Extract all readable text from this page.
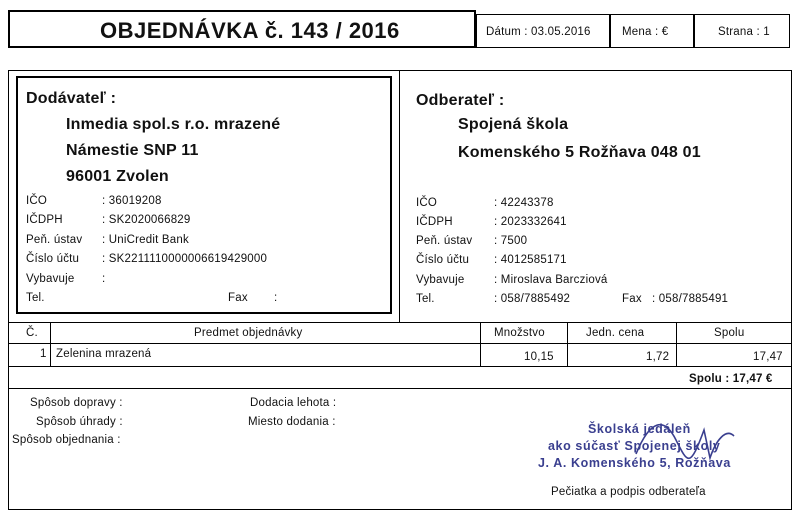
OBJEDNÁVKA č. 143 / 2016	Dátum : 03.05.2016	Mena : €	Strana : 1
Dodávateľ :
Inmedia spol.s r.o. mrazené
Námestie SNP 11
96001 Zvolen
IČO	: 36019208
IČDPH	: SK2020066829
Peň. ústav : UniCredit Bank
Číslo účtu : SK2211110000006619429000
Vybavuje :
Tel.	Fax :
Odberateľ :
Spojená škola
Komenského 5 Rožňava 048 01
IČO	: 42243378
IČDPH	: 2023332641
Peň. ústav : 7500
Číslo účtu : 4012585171
Vybavuje	: Miroslava Barcziová
Tel.	: 058/7885492	Fax : 058/7885491
Č.	Predmet objednávky	Množstvo	Jedn. cena	Spolu
1 Zelenina mrazená	10,15	1,72	17,47
Spolu : 17,47 €
Spôsob dopravy :
Spôsob úhrady :
Spôsob objednania :
Dodacia lehota :
Miesto dodania :	Školská jedáleň
ako súčasť Spojenej školy
J. A. Komenského 5, Rožňava
Pečiatka a podpis odberateľa
